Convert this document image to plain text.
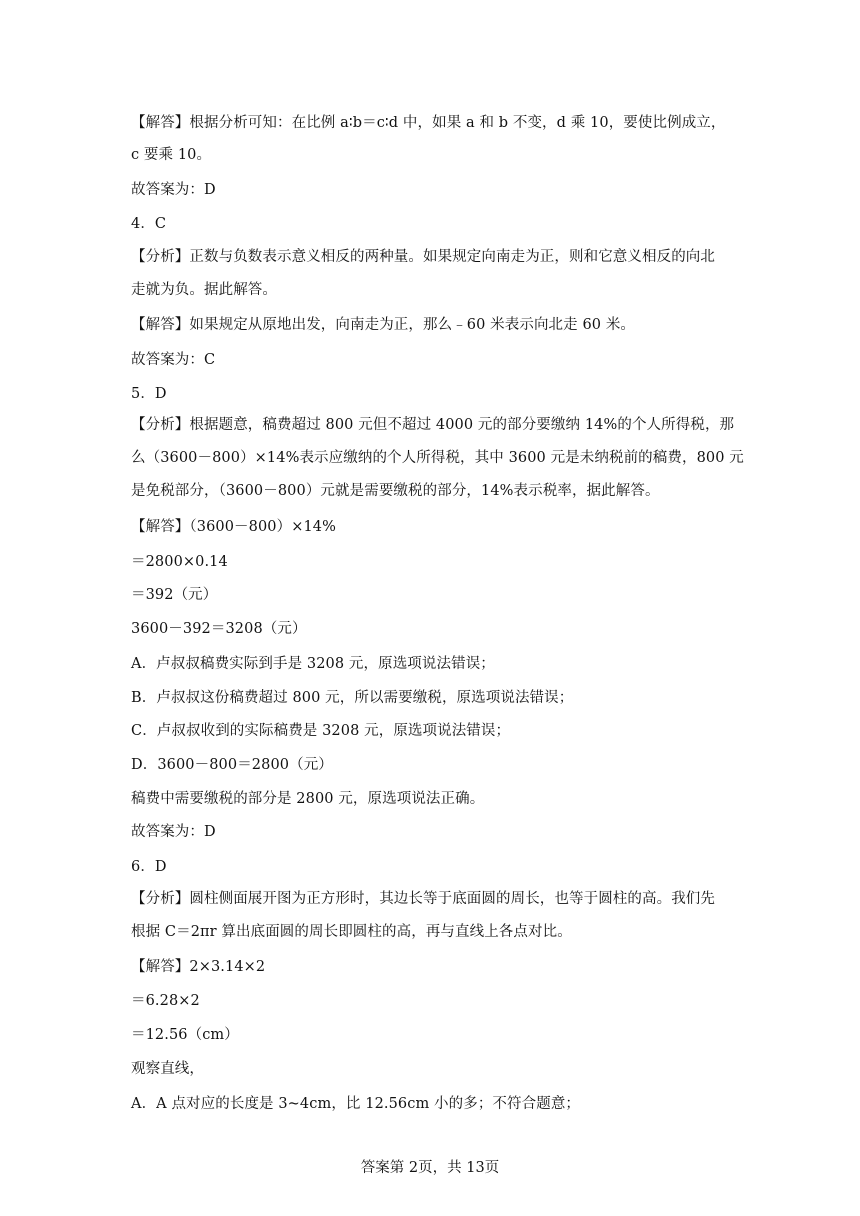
【解答】根据分析可知：在比例 a∶b＝c∶d 中，如果 a 和 b 不变，d 乘 10，要使比例成立，
c 要乘 10。
故答案为：D
4．C
【分析】正数与负数表示意义相反的两种量。如果规定向南走为正，则和它意义相反的向北
走就为负。据此解答。
【解答】如果规定从原地出发，向南走为正，那么﹣60 米表示向北走 60 米。
故答案为：C
5．D
【分析】根据题意，稿费超过 800 元但不超过 4000 元的部分要缴纳 14%的个人所得税，那
么（3600－800）×14%表示应缴纳的个人所得税，其中 3600 元是未纳税前的稿费，800 元
是免税部分，（3600－800）元就是需要缴税的部分，14%表示税率，据此解答。
【解答】（3600－800）×14%
＝2800×0.14
＝392（元）
3600－392＝3208（元）
A．卢叔叔稿费实际到手是 3208 元，原选项说法错误；
B．卢叔叔这份稿费超过 800 元，所以需要缴税，原选项说法错误；
C．卢叔叔收到的实际稿费是 3208 元，原选项说法错误；
D．3600－800＝2800（元）
稿费中需要缴税的部分是 2800 元，原选项说法正确。
故答案为：D
6．D
【分析】圆柱侧面展开图为正方形时，其边长等于底面圆的周长，也等于圆柱的高。我们先
根据 C＝2πr 算出底面圆的周长即圆柱的高，再与直线上各点对比。
【解答】2×3.14×2
＝6.28×2
＝12.56（cm）
观察直线，
A．A 点对应的长度是 3~4cm，比 12.56cm 小的多；不符合题意；
答案第 2页，共 13页
